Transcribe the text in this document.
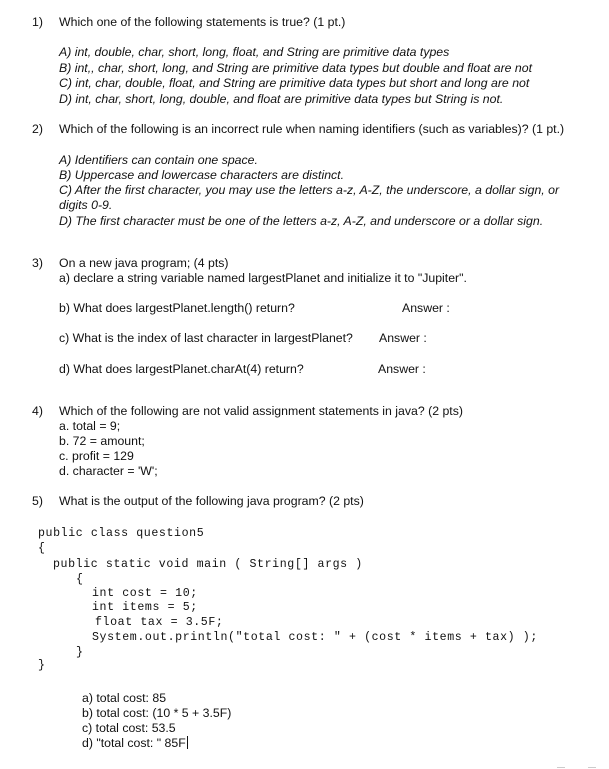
1) Which one of the following statements is true? (1 pt.)
A) int, double, char, short, long, float, and String are primitive data types
B) int,, char, short, long, and String are primitive data types but double and float are not
C) int, char, double, float, and String are primitive data types but short and long are not
D) int, char, short, long, double, and float are primitive data types but String is not.
2) Which of the following is an incorrect rule when naming identifiers (such as variables)? (1 pt.)
A) Identifiers can contain one space.
B) Uppercase and lowercase characters are distinct.
C) After the first character, you may use the letters a-z, A-Z, the underscore, a dollar sign, or
digits 0-9.
D) The first character must be one of the letters a-z, A-Z, and underscore or a dollar sign.
3) On a new java program; (4 pts)
a) declare a string variable named largestPlanet and initialize it to "Jupiter".
b) What does largestPlanet.length() return?	Answer :
c) What is the index of last character in largestPlanet? Answer :
d) What does largestPlanet.charAt(4) return?	Answer :
4) Which of the following are not valid assignment statements in java? (2 pts)
a. total = 9;
b. 72 = amount;
c. profit = 129
d. character = 'W';
5) What is the output of the following java program? (2 pts)
public class question5
{
public static void main ( String[] args )
{
int cost = 10;
int items = 5;
float tax = 3.5F;
System.out.println("total cost: " + (cost * items + tax) );
}
}
a) total cost: 85
b) total cost: (10 * 5 + 3.5F)
c) total cost: 53.5
d) "total cost: " 85F
